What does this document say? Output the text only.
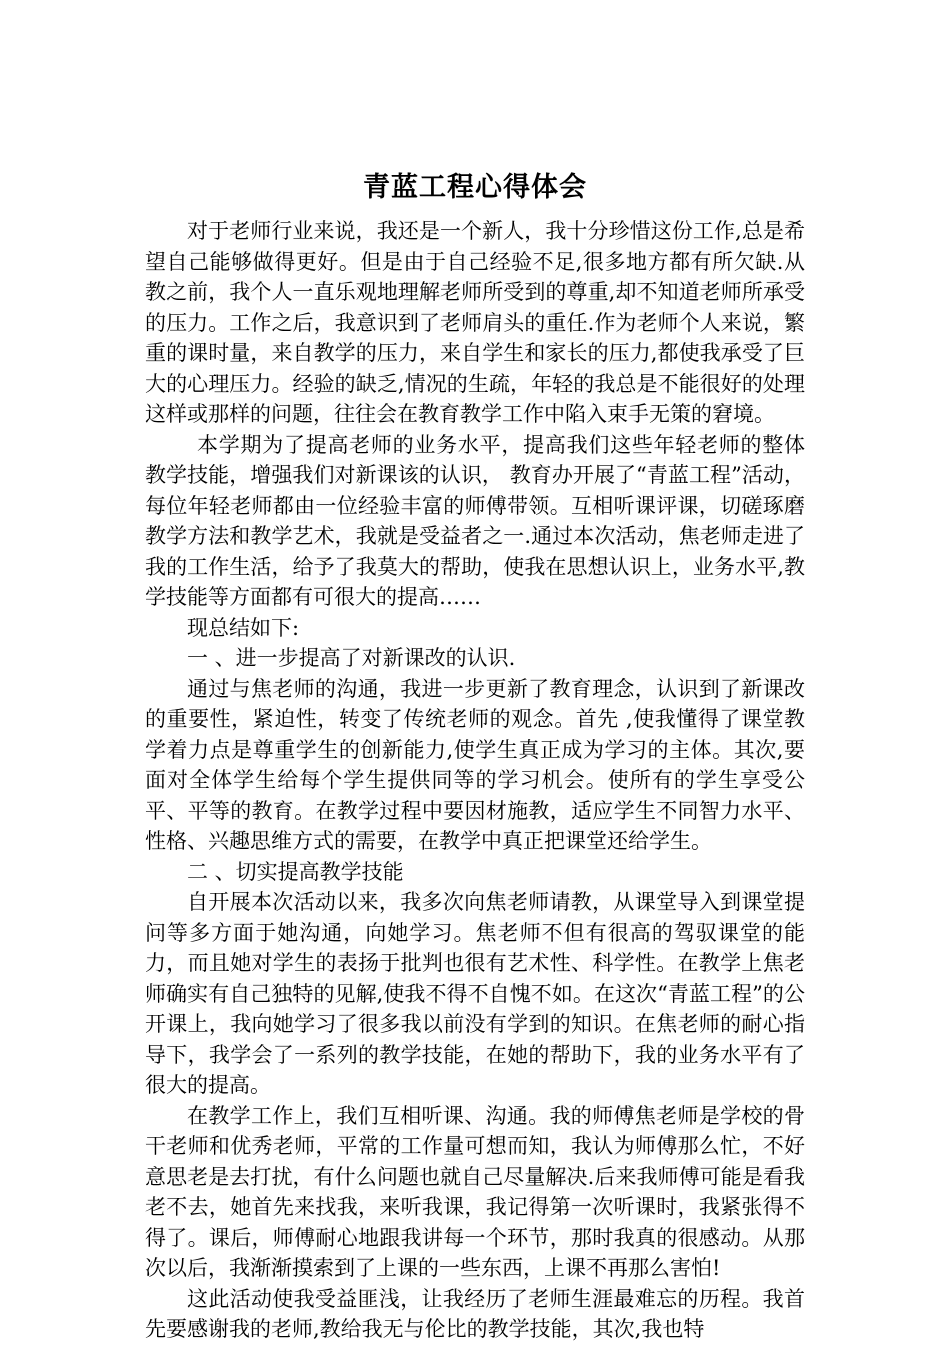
青蓝工程心得体会

对于老师行业来说，我还是一个新人，我十分珍惜这份工作,总是希望自己能够做得更好。但是由于自己经验不足,很多地方都有所欠缺.从教之前，我个人一直乐观地理解老师所受到的尊重,却不知道老师所承受的压力。工作之后，我意识到了老师肩头的重任.作为老师个人来说，繁重的课时量，来自教学的压力，来自学生和家长的压力,都使我承受了巨大的心理压力。经验的缺乏,情况的生疏，年轻的我总是不能很好的处理这样或那样的问题，往往会在教育教学工作中陷入束手无策的窘境。

本学期为了提高老师的业务水平，提高我们这些年轻老师的整体教学技能，增强我们对新课该的认识， 教育办开展了“青蓝工程”活动，每位年轻老师都由一位经验丰富的师傅带领。互相听课评课，切磋琢磨教学方法和教学艺术，我就是受益者之一.通过本次活动，焦老师走进了我的工作生活，给予了我莫大的帮助，使我在思想认识上，业务水平,教学技能等方面都有可很大的提高……

现总结如下:

一 、进一步提高了对新课改的认识.

通过与焦老师的沟通，我进一步更新了教育理念，认识到了新课改的重要性，紧迫性，转变了传统老师的观念。首先 ,使我懂得了课堂教学着力点是尊重学生的创新能力,使学生真正成为学习的主体。其次,要面对全体学生给每个学生提供同等的学习机会。使所有的学生享受公平、平等的教育。在教学过程中要因材施教，适应学生不同智力水平、性格、兴趣思维方式的需要，在教学中真正把课堂还给学生。

二 、切实提高教学技能

自开展本次活动以来，我多次向焦老师请教，从课堂导入到课堂提问等多方面于她沟通，向她学习。焦老师不但有很高的驾驭课堂的能力，而且她对学生的表扬于批判也很有艺术性、科学性。在教学上焦老师确实有自己独特的见解,使我不得不自愧不如。在这次“青蓝工程”的公开课上，我向她学习了很多我以前没有学到的知识。在焦老师的耐心指导下，我学会了一系列的教学技能，在她的帮助下，我的业务水平有了很大的提高。

在教学工作上，我们互相听课、沟通。我的师傅焦老师是学校的骨干老师和优秀老师，平常的工作量可想而知，我认为师傅那么忙，不好意思老是去打扰，有什么问题也就自己尽量解决.后来我师傅可能是看我老不去，她首先来找我，来听我课，我记得第一次听课时，我紧张得不得了。课后，师傅耐心地跟我讲每一个环节，那时我真的很感动。从那次以后，我渐渐摸索到了上课的一些东西，上课不再那么害怕!

这此活动使我受益匪浅，让我经历了老师生涯最难忘的历程。我首先要感谢我的老师,教给我无与伦比的教学技能，其次,我也特
